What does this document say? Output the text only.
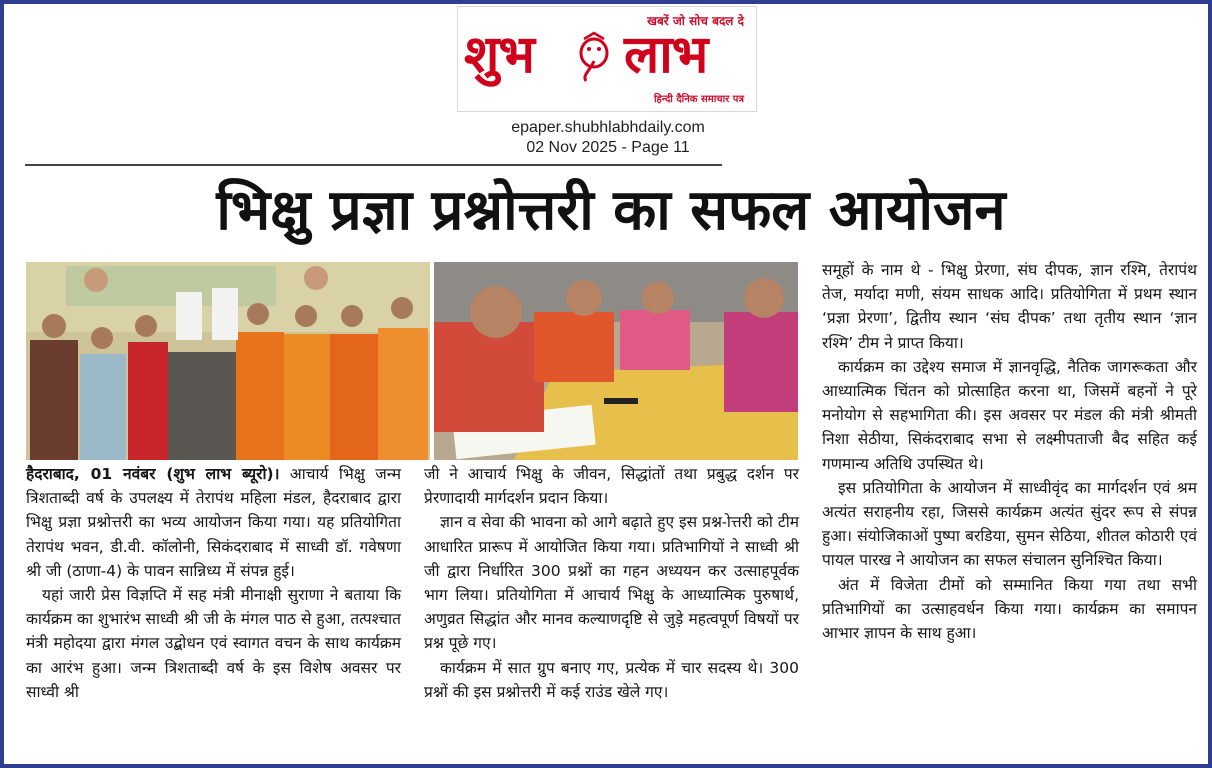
खबरें जो सोच बदल दे
शुभ लाभ
हिन्दी दैनिक समाचार पत्र
epaper.shubhlabhdaily.com
02 Nov 2025 - Page 11
भिक्षु प्रज्ञा प्रश्नोत्तरी का सफल आयोजन

हैदराबाद, 01 नवंबर (शुभ लाभ ब्यूरो)। आचार्य भिक्षु जन्म त्रिशताब्दी वर्ष के उपलक्ष्य में तेरापंथ महिला मंडल, हैदराबाद द्वारा भिक्षु प्रज्ञा प्रश्नोत्तरी का भव्य आयोजन किया गया। यह प्रतियोगिता तेरापंथ भवन, डी.वी. कॉलोनी, सिकंदराबाद में साध्वी डॉ. गवेषणा श्री जी (ठाणा-4) के पावन सान्निध्य में संपन्न हुई।

यहां जारी प्रेस विज्ञप्ति में सह मंत्री मीनाक्षी सुराणा ने बताया कि कार्यक्रम का शुभारंभ साध्वी श्री जी के मंगल पाठ से हुआ, तत्पश्चात मंत्री महोदया द्वारा मंगल उद्बोधन एवं स्वागत वचन के साथ कार्यक्रम का आरंभ हुआ। जन्म त्रिशताब्दी वर्ष के इस विशेष अवसर पर साध्वी श्री

जी ने आचार्य भिक्षु के जीवन, सिद्धांतों तथा प्रबुद्ध दर्शन पर प्रेरणादायी मार्गदर्शन प्रदान किया।

ज्ञान व सेवा की भावना को आगे बढ़ाते हुए इस प्रश्न-ोत्तरी को टीम आधारित प्रारूप में आयोजित किया गया। प्रतिभागियों ने साध्वी श्री जी द्वारा निर्धारित 300 प्रश्नों का गहन अध्ययन कर उत्साहपूर्वक भाग लिया। प्रतियोगिता में आचार्य भिक्षु के आध्यात्मिक पुरुषार्थ, अणुव्रत सिद्धांत और मानव कल्याणदृष्टि से जुड़े महत्वपूर्ण विषयों पर प्रश्न पूछे गए।

कार्यक्रम में सात ग्रुप बनाए गए, प्रत्येक में चार सदस्य थे। 300 प्रश्नों की इस प्रश्नोत्तरी में कई राउंड खेले गए।

समूहों के नाम थे - भिक्षु प्रेरणा, संघ दीपक, ज्ञान रश्मि, तेरापंथ तेज, मर्यादा मणी, संयम साधक आदि। प्रतियोगिता में प्रथम स्थान ‘प्रज्ञा प्रेरणा’, द्वितीय स्थान ‘संघ दीपक’ तथा तृतीय स्थान ‘ज्ञान रश्मि’ टीम ने प्राप्त किया।

कार्यक्रम का उद्देश्य समाज में ज्ञानवृद्धि, नैतिक जागरूकता और आध्यात्मिक चिंतन को प्रोत्साहित करना था, जिसमें बहनों ने पूरे मनोयोग से सहभागिता की। इस अवसर पर मंडल की मंत्री श्रीमती निशा सेठीया, सिकंदराबाद सभा से लक्ष्मीपताजी बैद सहित कई गणमान्य अतिथि उपस्थित थे।

इस प्रतियोगिता के आयोजन में साध्वीवृंद का मार्गदर्शन एवं श्रम अत्यंत सराहनीय रहा, जिससे कार्यक्रम अत्यंत सुंदर रूप से संपन्न हुआ। संयोजिकाओं पुष्पा बरडिया, सुमन सेठिया, शीतल कोठारी एवं पायल पारख ने आयोजन का सफल संचालन सुनिश्चित किया।

अंत में विजेता टीमों को सम्मानित किया गया तथा सभी प्रतिभागियों का उत्साहवर्धन किया गया। कार्यक्रम का समापन आभार ज्ञापन के साथ हुआ।
